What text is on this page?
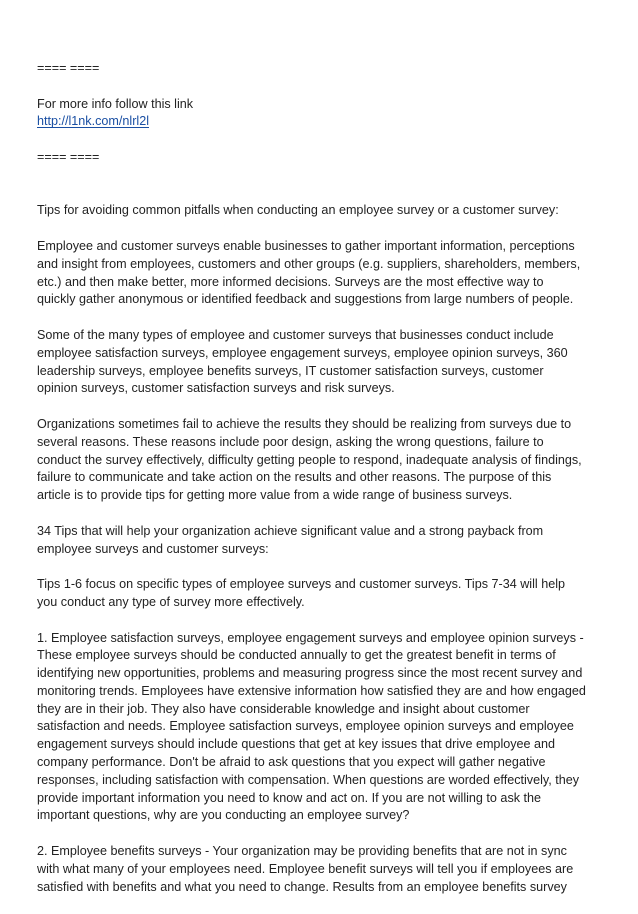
==== ====
For more info follow this link
http://l1nk.com/nlrl2l
==== ====
Tips for avoiding common pitfalls when conducting an employee survey or a customer survey:
Employee and customer surveys enable businesses to gather important information, perceptions
and insight from employees, customers and other groups (e.g. suppliers, shareholders, members,
etc.) and then make better, more informed decisions. Surveys are the most effective way to
quickly gather anonymous or identified feedback and suggestions from large numbers of people.
Some of the many types of employee and customer surveys that businesses conduct include
employee satisfaction surveys, employee engagement surveys, employee opinion surveys, 360
leadership surveys, employee benefits surveys, IT customer satisfaction surveys, customer
opinion surveys, customer satisfaction surveys and risk surveys.
Organizations sometimes fail to achieve the results they should be realizing from surveys due to
several reasons. These reasons include poor design, asking the wrong questions, failure to
conduct the survey effectively, difficulty getting people to respond, inadequate analysis of findings,
failure to communicate and take action on the results and other reasons. The purpose of this
article is to provide tips for getting more value from a wide range of business surveys.
34 Tips that will help your organization achieve significant value and a strong payback from
employee surveys and customer surveys:
Tips 1-6 focus on specific types of employee surveys and customer surveys. Tips 7-34 will help
you conduct any type of survey more effectively.
1. Employee satisfaction surveys, employee engagement surveys and employee opinion surveys -
These employee surveys should be conducted annually to get the greatest benefit in terms of
identifying new opportunities, problems and measuring progress since the most recent survey and
monitoring trends. Employees have extensive information how satisfied they are and how engaged
they are in their job. They also have considerable knowledge and insight about customer
satisfaction and needs. Employee satisfaction surveys, employee opinion surveys and employee
engagement surveys should include questions that get at key issues that drive employee and
company performance. Don't be afraid to ask questions that you expect will gather negative
responses, including satisfaction with compensation. When questions are worded effectively, they
provide important information you need to know and act on. If you are not willing to ask the
important questions, why are you conducting an employee survey?
2. Employee benefits surveys - Your organization may be providing benefits that are not in sync
with what many of your employees need. Employee benefit surveys will tell you if employees are
satisfied with benefits and what you need to change. Results from an employee benefits survey
